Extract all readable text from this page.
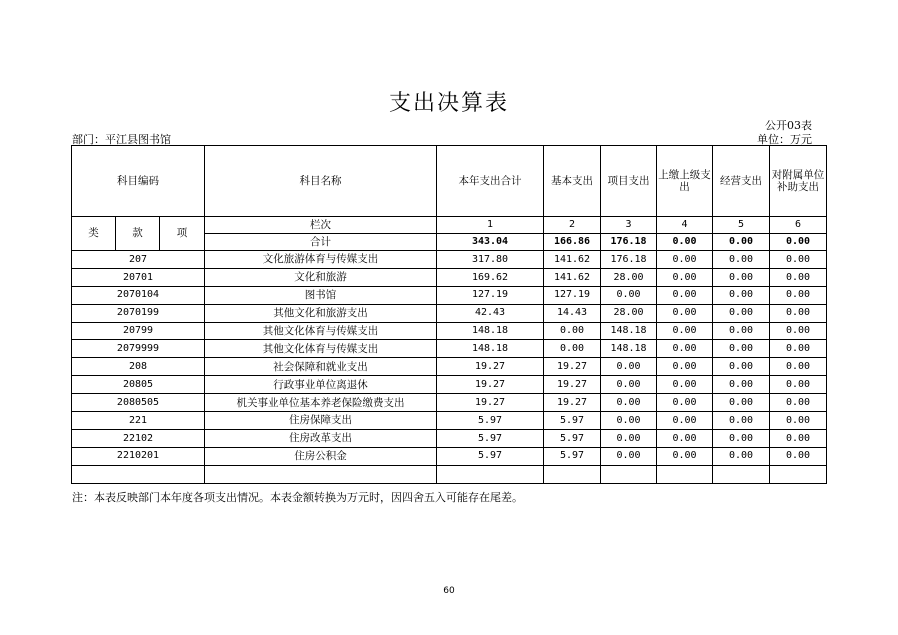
支出决算表
公开03表
部门：平江县图书馆	单位：万元
科目编码			科目名称	本年支出合计	基本支出	项目支出	上缴上级支出	经营支出	对附属单位补助支出
类	款	项	栏次	1	2	3	4	5	6
			合计	343.04	166.86	176.18	0.00	0.00	0.00
207			文化旅游体育与传媒支出	317.80	141.62	176.18	0.00	0.00	0.00
20701			文化和旅游	169.62	141.62	28.00	0.00	0.00	0.00
2070104			图书馆	127.19	127.19	0.00	0.00	0.00	0.00
2070199			其他文化和旅游支出	42.43	14.43	28.00	0.00	0.00	0.00
20799			其他文化体育与传媒支出	148.18	0.00	148.18	0.00	0.00	0.00
2079999			其他文化体育与传媒支出	148.18	0.00	148.18	0.00	0.00	0.00
208			社会保障和就业支出	19.27	19.27	0.00	0.00	0.00	0.00
20805			行政事业单位离退休	19.27	19.27	0.00	0.00	0.00	0.00
2080505			机关事业单位基本养老保险缴费支出	19.27	19.27	0.00	0.00	0.00	0.00
221			住房保障支出	5.97	5.97	0.00	0.00	0.00	0.00
22102			住房改革支出	5.97	5.97	0.00	0.00	0.00	0.00
2210201			住房公积金	5.97	5.97	0.00	0.00	0.00	0.00

注：本表反映部门本年度各项支出情况。本表金额转换为万元时，因四舍五入可能存在尾差。
60
